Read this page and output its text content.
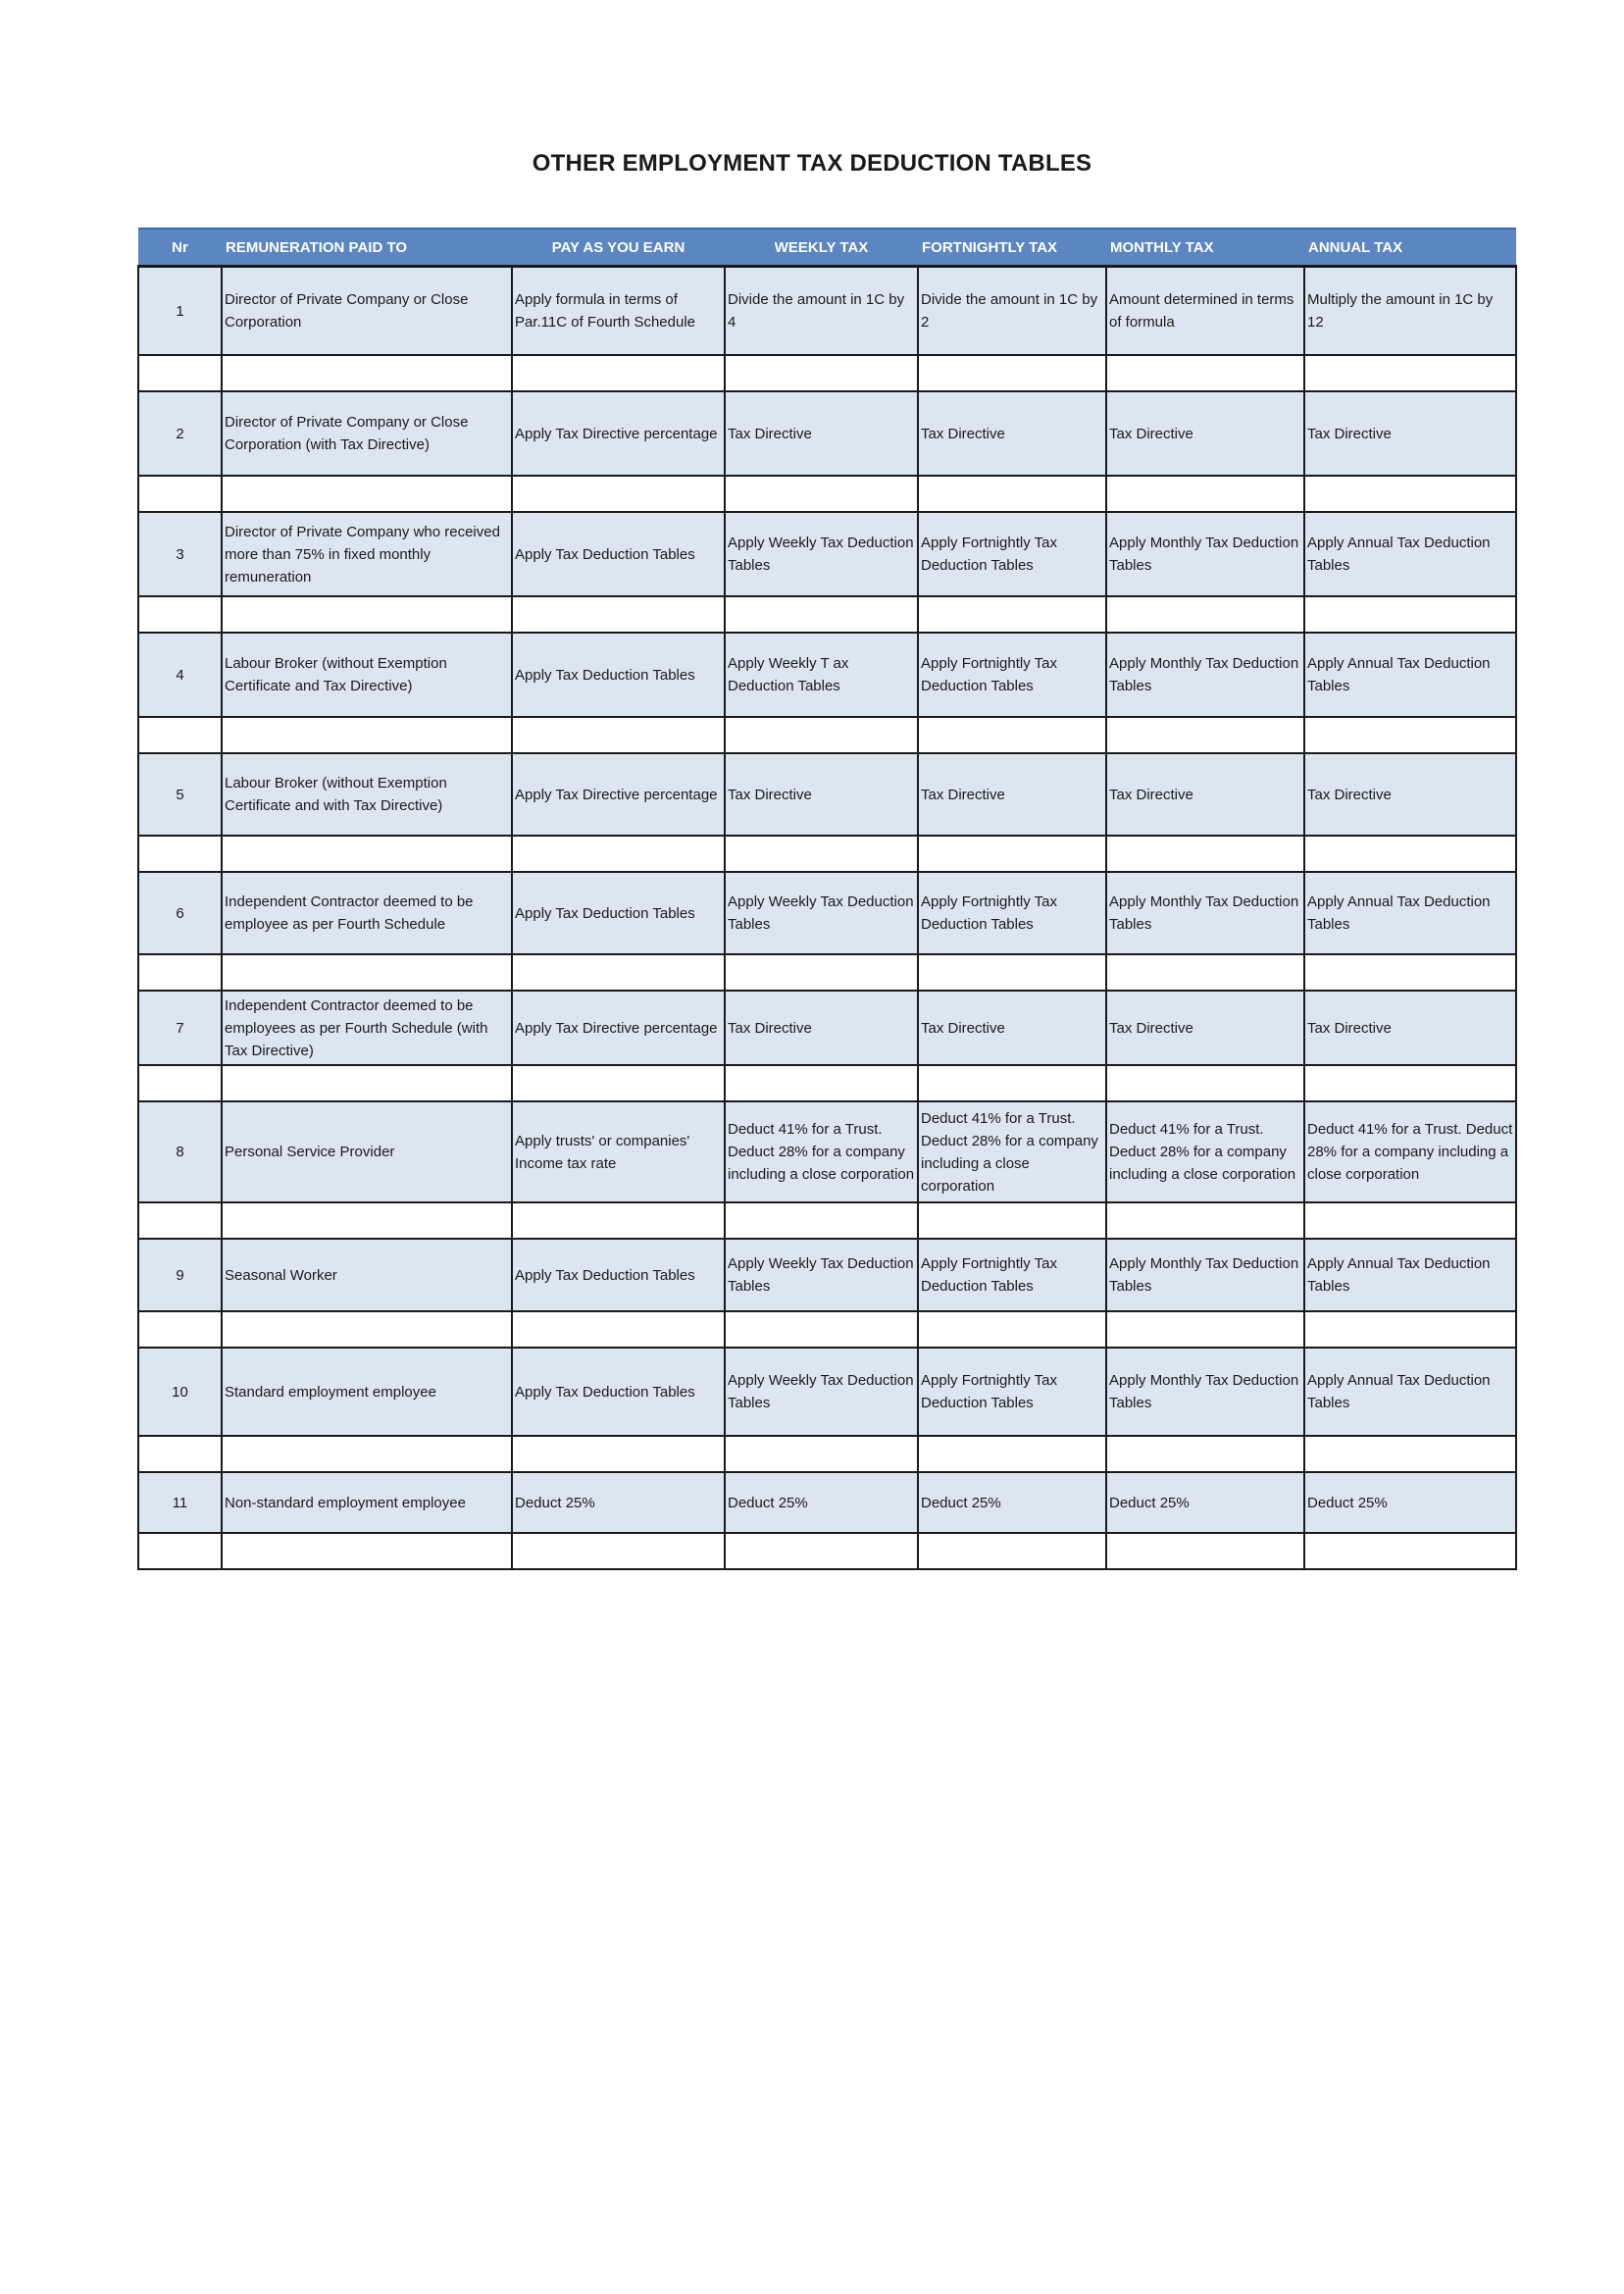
OTHER EMPLOYMENT TAX DEDUCTION TABLES
Nr	REMUNERATION PAID TO	PAY AS YOU EARN	WEEKLY TAX	FORTNIGHTLY TAX	MONTHLY TAX	ANNUAL TAX
1	Director of Private Company or Close Corporation	Apply formula in terms of Par.11C of Fourth Schedule	Divide the amount in 1C by 4	Divide the amount in 1C by 2	Amount determined in terms of formula	Multiply the amount in 1C by 12

2	Director of Private Company or Close Corporation (with Tax Directive)	Apply Tax Directive percentage	Tax Directive	Tax Directive	Tax Directive	Tax Directive

3	Director of Private Company who received more than 75% in fixed monthly remuneration	Apply Tax Deduction Tables	Apply Weekly Tax Deduction Tables	Apply Fortnightly Tax Deduction Tables	Apply Monthly Tax Deduction Tables	Apply Annual Tax Deduction Tables

4	Labour Broker (without Exemption Certificate and Tax Directive)	Apply Tax Deduction Tables	Apply Weekly T ax Deduction Tables	Apply Fortnightly Tax Deduction Tables	Apply Monthly Tax Deduction Tables	Apply Annual Tax Deduction Tables

5	Labour Broker (without Exemption Certificate and with Tax Directive)	Apply Tax Directive percentage	Tax Directive	Tax Directive	Tax Directive	Tax Directive

6	Independent Contractor deemed to be employee as per Fourth Schedule	Apply Tax Deduction Tables	Apply Weekly Tax Deduction Tables	Apply Fortnightly Tax Deduction Tables	Apply Monthly Tax Deduction Tables	Apply Annual Tax Deduction Tables

7	Independent Contractor deemed to be employees as per Fourth Schedule (with Tax Directive)	Apply Tax Directive percentage	Tax Directive	Tax Directive	Tax Directive	Tax Directive

8	Personal Service Provider	Apply trusts' or companies' Income tax rate	Deduct 41% for a Trust. Deduct 28% for a company including a close corporation	Deduct 41% for a Trust. Deduct 28% for a company including a close corporation	Deduct 41% for a Trust. Deduct 28% for a company including a close corporation	Deduct 41% for a Trust. Deduct 28% for a company including a close corporation

9	Seasonal Worker	Apply Tax Deduction Tables	Apply Weekly Tax Deduction Tables	Apply Fortnightly Tax Deduction Tables	Apply Monthly Tax Deduction Tables	Apply Annual Tax Deduction Tables

10	Standard employment employee	Apply Tax Deduction Tables	Apply Weekly Tax Deduction Tables	Apply Fortnightly Tax Deduction Tables	Apply Monthly Tax Deduction Tables	Apply Annual Tax Deduction Tables

11	Non-standard employment employee	Deduct 25%	Deduct 25%	Deduct 25%	Deduct 25%	Deduct 25%
